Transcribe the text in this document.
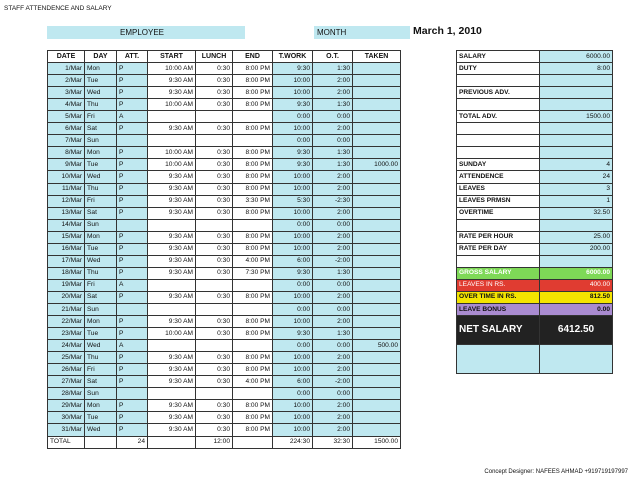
STAFF ATTENDENCE AND SALARY
EMPLOYEE	MONTH	March 1, 2010
DATE	DAY	ATT.	START	LUNCH	END	T.WORK	O.T.	TAKEN
1/Mar	Mon	P	10:00 AM	0:30	8:00 PM	9:30	1:30	
2/Mar	Tue	P	9:30 AM	0:30	8:00 PM	10:00	2:00	
3/Mar	Wed	P	9:30 AM	0:30	8:00 PM	10:00	2:00	
4/Mar	Thu	P	10:00 AM	0:30	8:00 PM	9:30	1:30	
5/Mar	Fri	A				0:00	0:00	
6/Mar	Sat	P	9:30 AM	0:30	8:00 PM	10:00	2:00	
7/Mar	Sun					0:00	0:00	
8/Mar	Mon	P	10:00 AM	0:30	8:00 PM	9:30	1:30	
9/Mar	Tue	P	10:00 AM	0:30	8:00 PM	9:30	1:30	1000.00
10/Mar	Wed	P	9:30 AM	0:30	8:00 PM	10:00	2:00	
11/Mar	Thu	P	9:30 AM	0:30	8:00 PM	10:00	2:00	
12/Mar	Fri	P	9:30 AM	0:30	3:30 PM	5:30	-2:30	
13/Mar	Sat	P	9:30 AM	0:30	8:00 PM	10:00	2:00	
14/Mar	Sun					0:00	0:00	
15/Mar	Mon	P	9:30 AM	0:30	8:00 PM	10:00	2:00	
16/Mar	Tue	P	9:30 AM	0:30	8:00 PM	10:00	2:00	
17/Mar	Wed	P	9:30 AM	0:30	4:00 PM	6:00	-2:00	
18/Mar	Thu	P	9:30 AM	0:30	7:30 PM	9:30	1:30	
19/Mar	Fri	A				0:00	0:00	
20/Mar	Sat	P	9:30 AM	0:30	8:00 PM	10:00	2:00	
21/Mar	Sun					0:00	0:00	
22/Mar	Mon	P	9:30 AM	0:30	8:00 PM	10:00	2:00	
23/Mar	Tue	P	10:00 AM	0:30	8:00 PM	9:30	1:30	
24/Mar	Wed	A				0:00	0:00	500.00
25/Mar	Thu	P	9:30 AM	0:30	8:00 PM	10:00	2:00	
26/Mar	Fri	P	9:30 AM	0:30	8:00 PM	10:00	2:00	
27/Mar	Sat	P	9:30 AM	0:30	4:00 PM	6:00	-2:00	
28/Mar	Sun					0:00	0:00	
29/Mar	Mon	P	9:30 AM	0:30	8:00 PM	10:00	2:00	
30/Mar	Tue	P	9:30 AM	0:30	8:00 PM	10:00	2:00	
31/Mar	Wed	P	9:30 AM	0:30	8:00 PM	10:00	2:00	
TOTAL		24		12:00		224:30	32:30	1500.00
SALARY	6000.00
DUTY	8:00

PREVIOUS ADV.	

TOTAL ADV.	1500.00

SUNDAY	4
ATTENDENCE	24
LEAVES	3
LEAVES PRMSN	1
OVERTIME	32.50

RATE PER HOUR	25.00
RATE PER DAY	200.00

GROSS SALARY	6000.00
LEAVES IN RS.	400.00
OVER TIME IN RS.	812.50
LEAVE BONUS	0.00
NET SALARY	6412.50

Concept Designer: NAFEES AHMAD +919719197997
